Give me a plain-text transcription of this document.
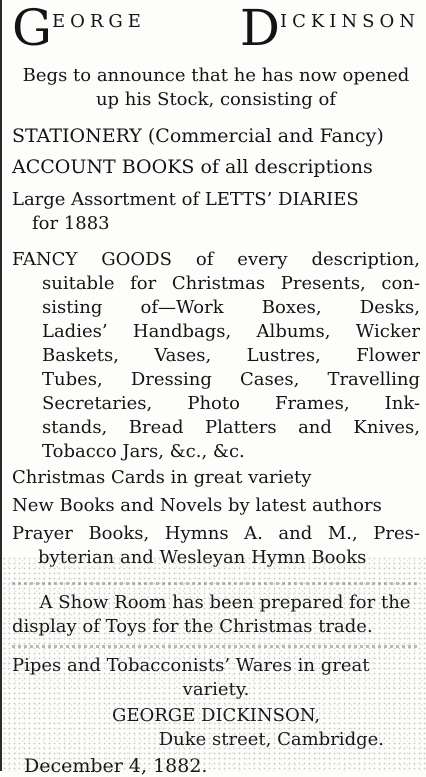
G EORGE D ICKINSON

Begs to announce that he has now opened

up his Stock, consisting of

STATIONERY (Commercial and Fancy)

ACCOUNT BOOKS of all descriptions

Large Assortment of LETTS’ DIARIES

for 1883

FANCY GOODS of every description,

suitable for Christmas Presents, con-

sisting of—Work Boxes, Desks,

Ladies’ Handbags, Albums, Wicker

Baskets, Vases, Lustres, Flower

Tubes, Dressing Cases, Travelling

Secretaries, Photo Frames, Ink-

stands, Bread Platters and Knives,

Tobacco Jars, &c., &c.

Christmas Cards in great variety

New Books and Novels by latest authors

Prayer Books, Hymns A. and M., Pres-

byterian and Wesleyan Hymn Books

A Show Room has been prepared for the

display of Toys for the Christmas trade.

Pipes and Tobacconists’ Wares in great

variety.

GEORGE DICKINSON,

Duke street, Cambridge.

December 4, 1882.
